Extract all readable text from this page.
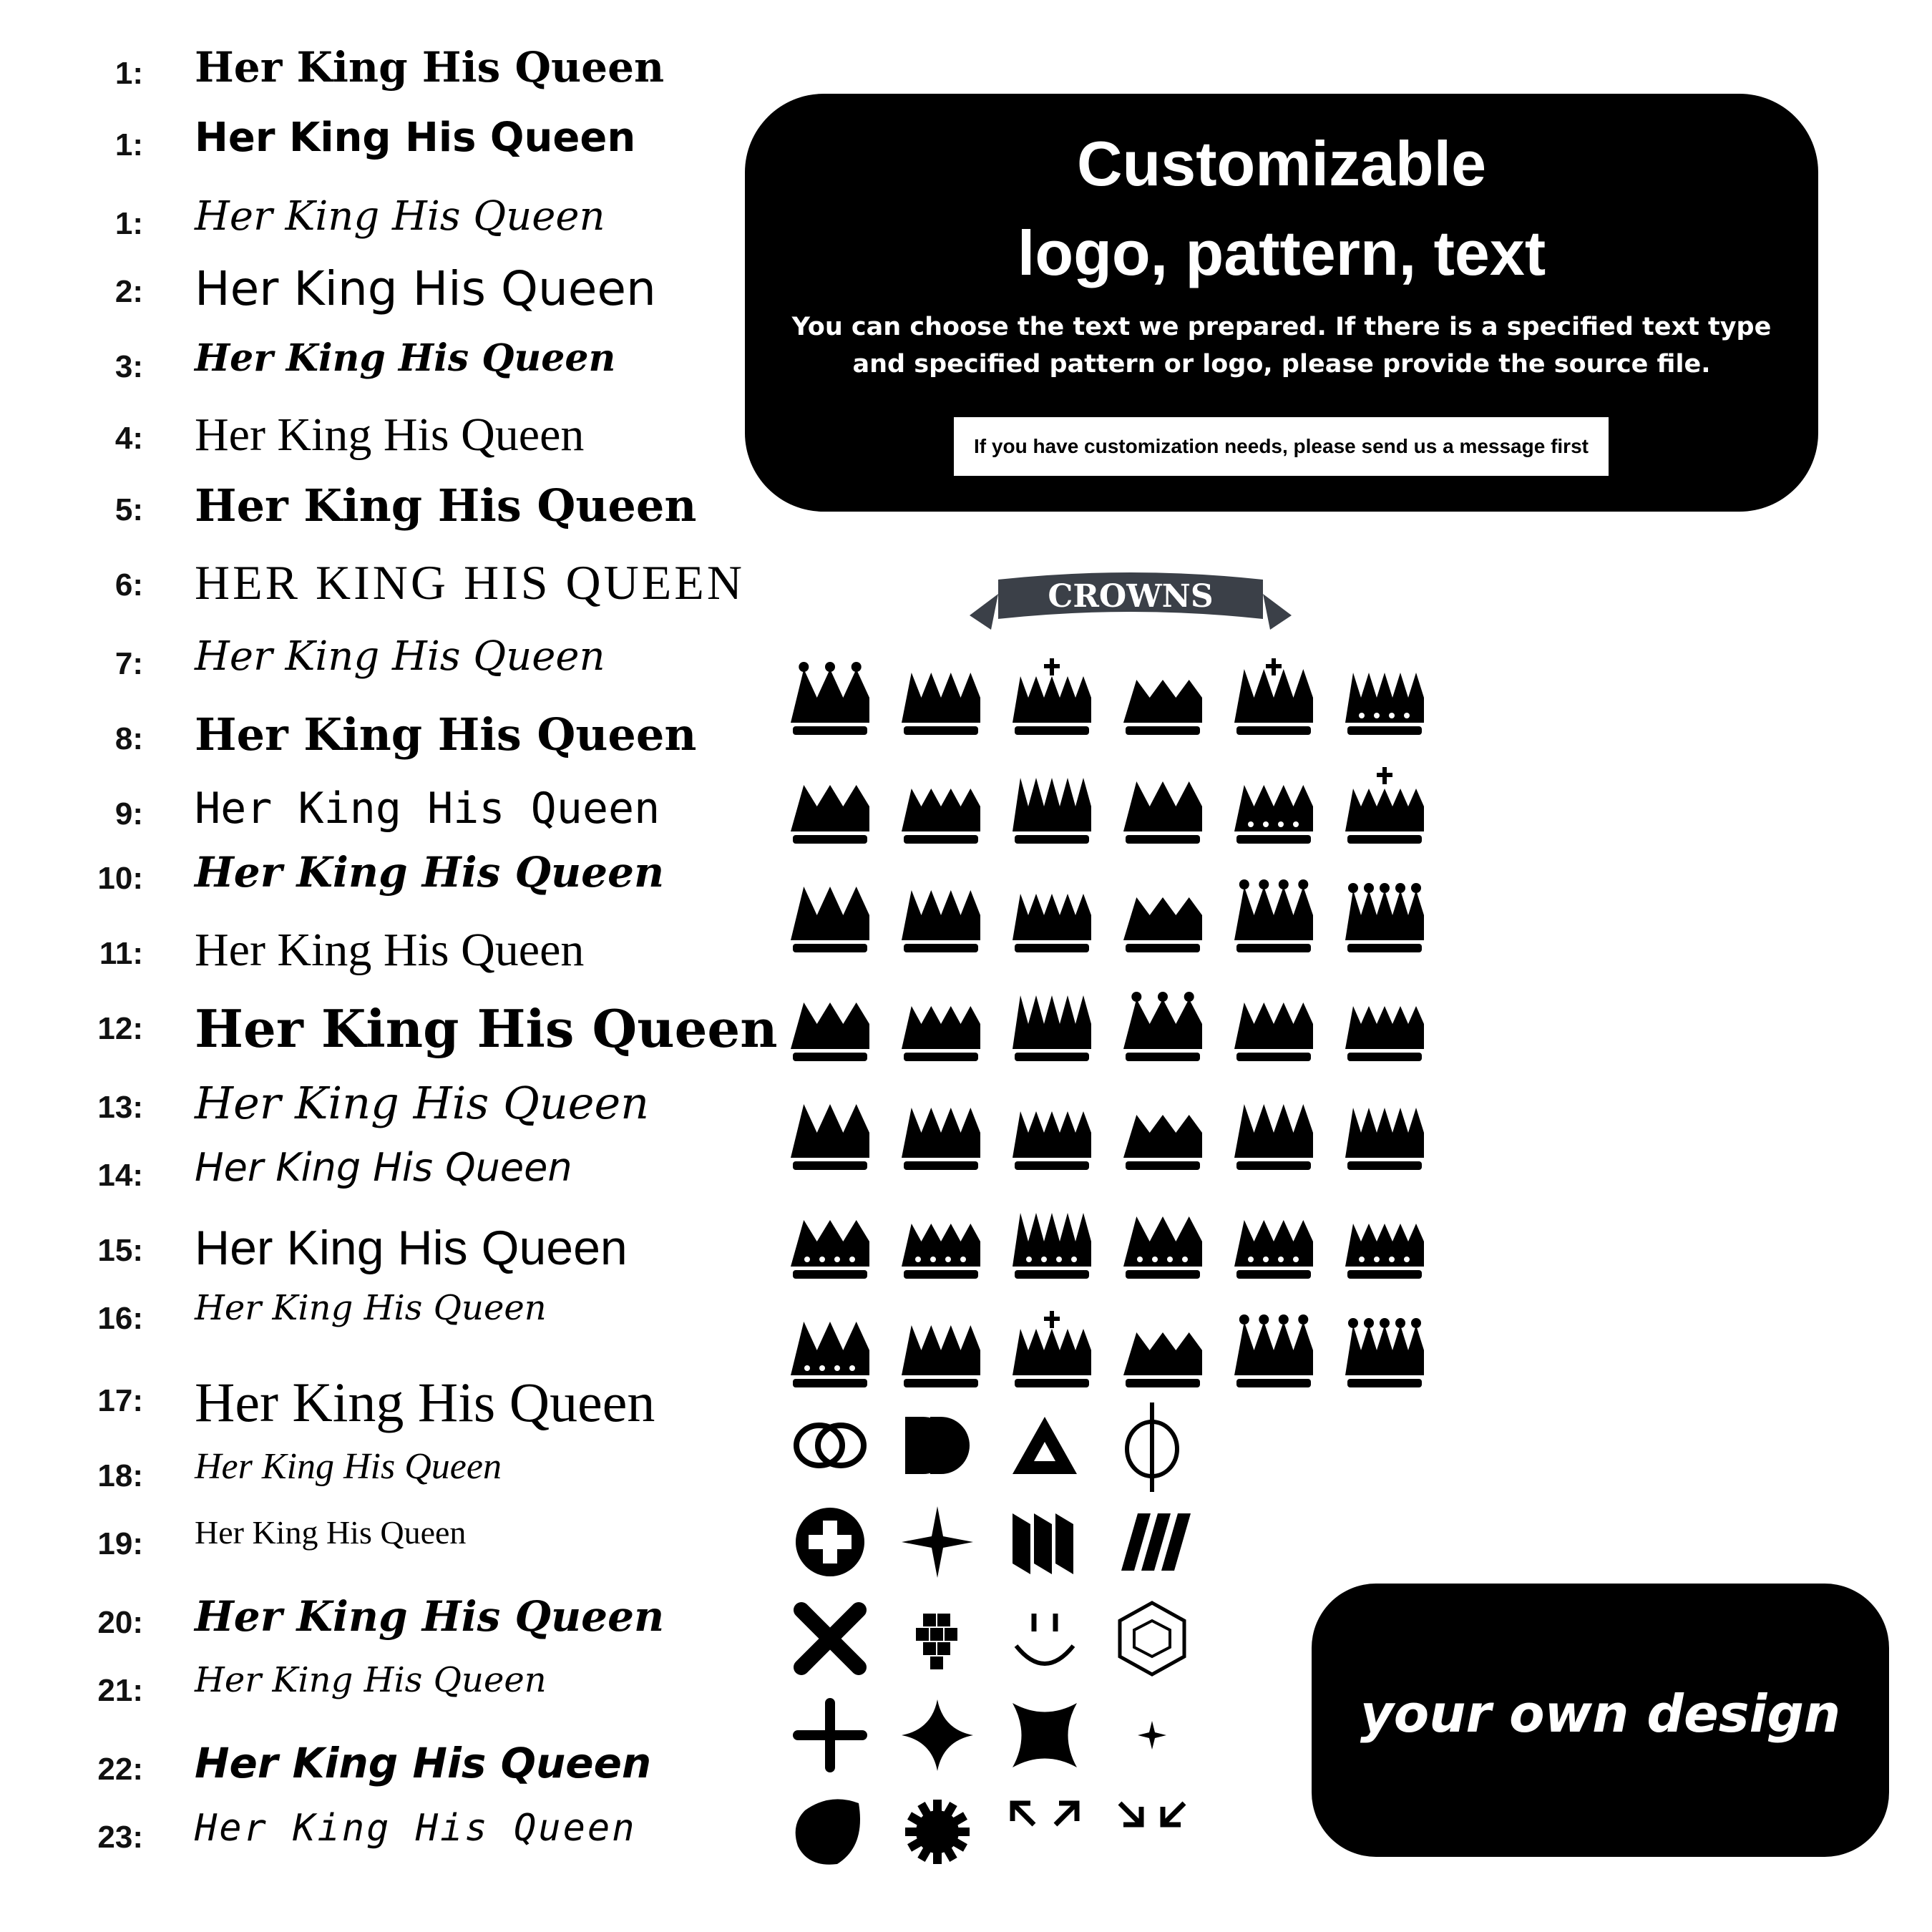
1: Her King His Queen
1: Her King His Queen
1: Her King His Queen
2: Her King His Queen
3: Her King His Queen
4: Her King His Queen
5: Her King His Queen
6: HER KING HIS QUEEN
7: Her King His Queen
8: Her King His Queen
9: Her King His Queen
10: Her King His Queen
11: Her King His Queen
12: Her King His Queen
13: Her King His Queen
14: Her King His Queen
15: Her King His Queen
16: Her King His Queen
17: Her King His Queen
18: Her King His Queen
19: Her King His Queen
20: Her King His Queen
21: Her King His Queen
22: Her King His Queen
23: Her King His Queen
Customizable
logo, pattern, text
You can choose the text we prepared. If there is a specified text type and specified pattern or logo, please provide the source file.
If you have customization needs, please send us a message first
CROWNS
your own design
